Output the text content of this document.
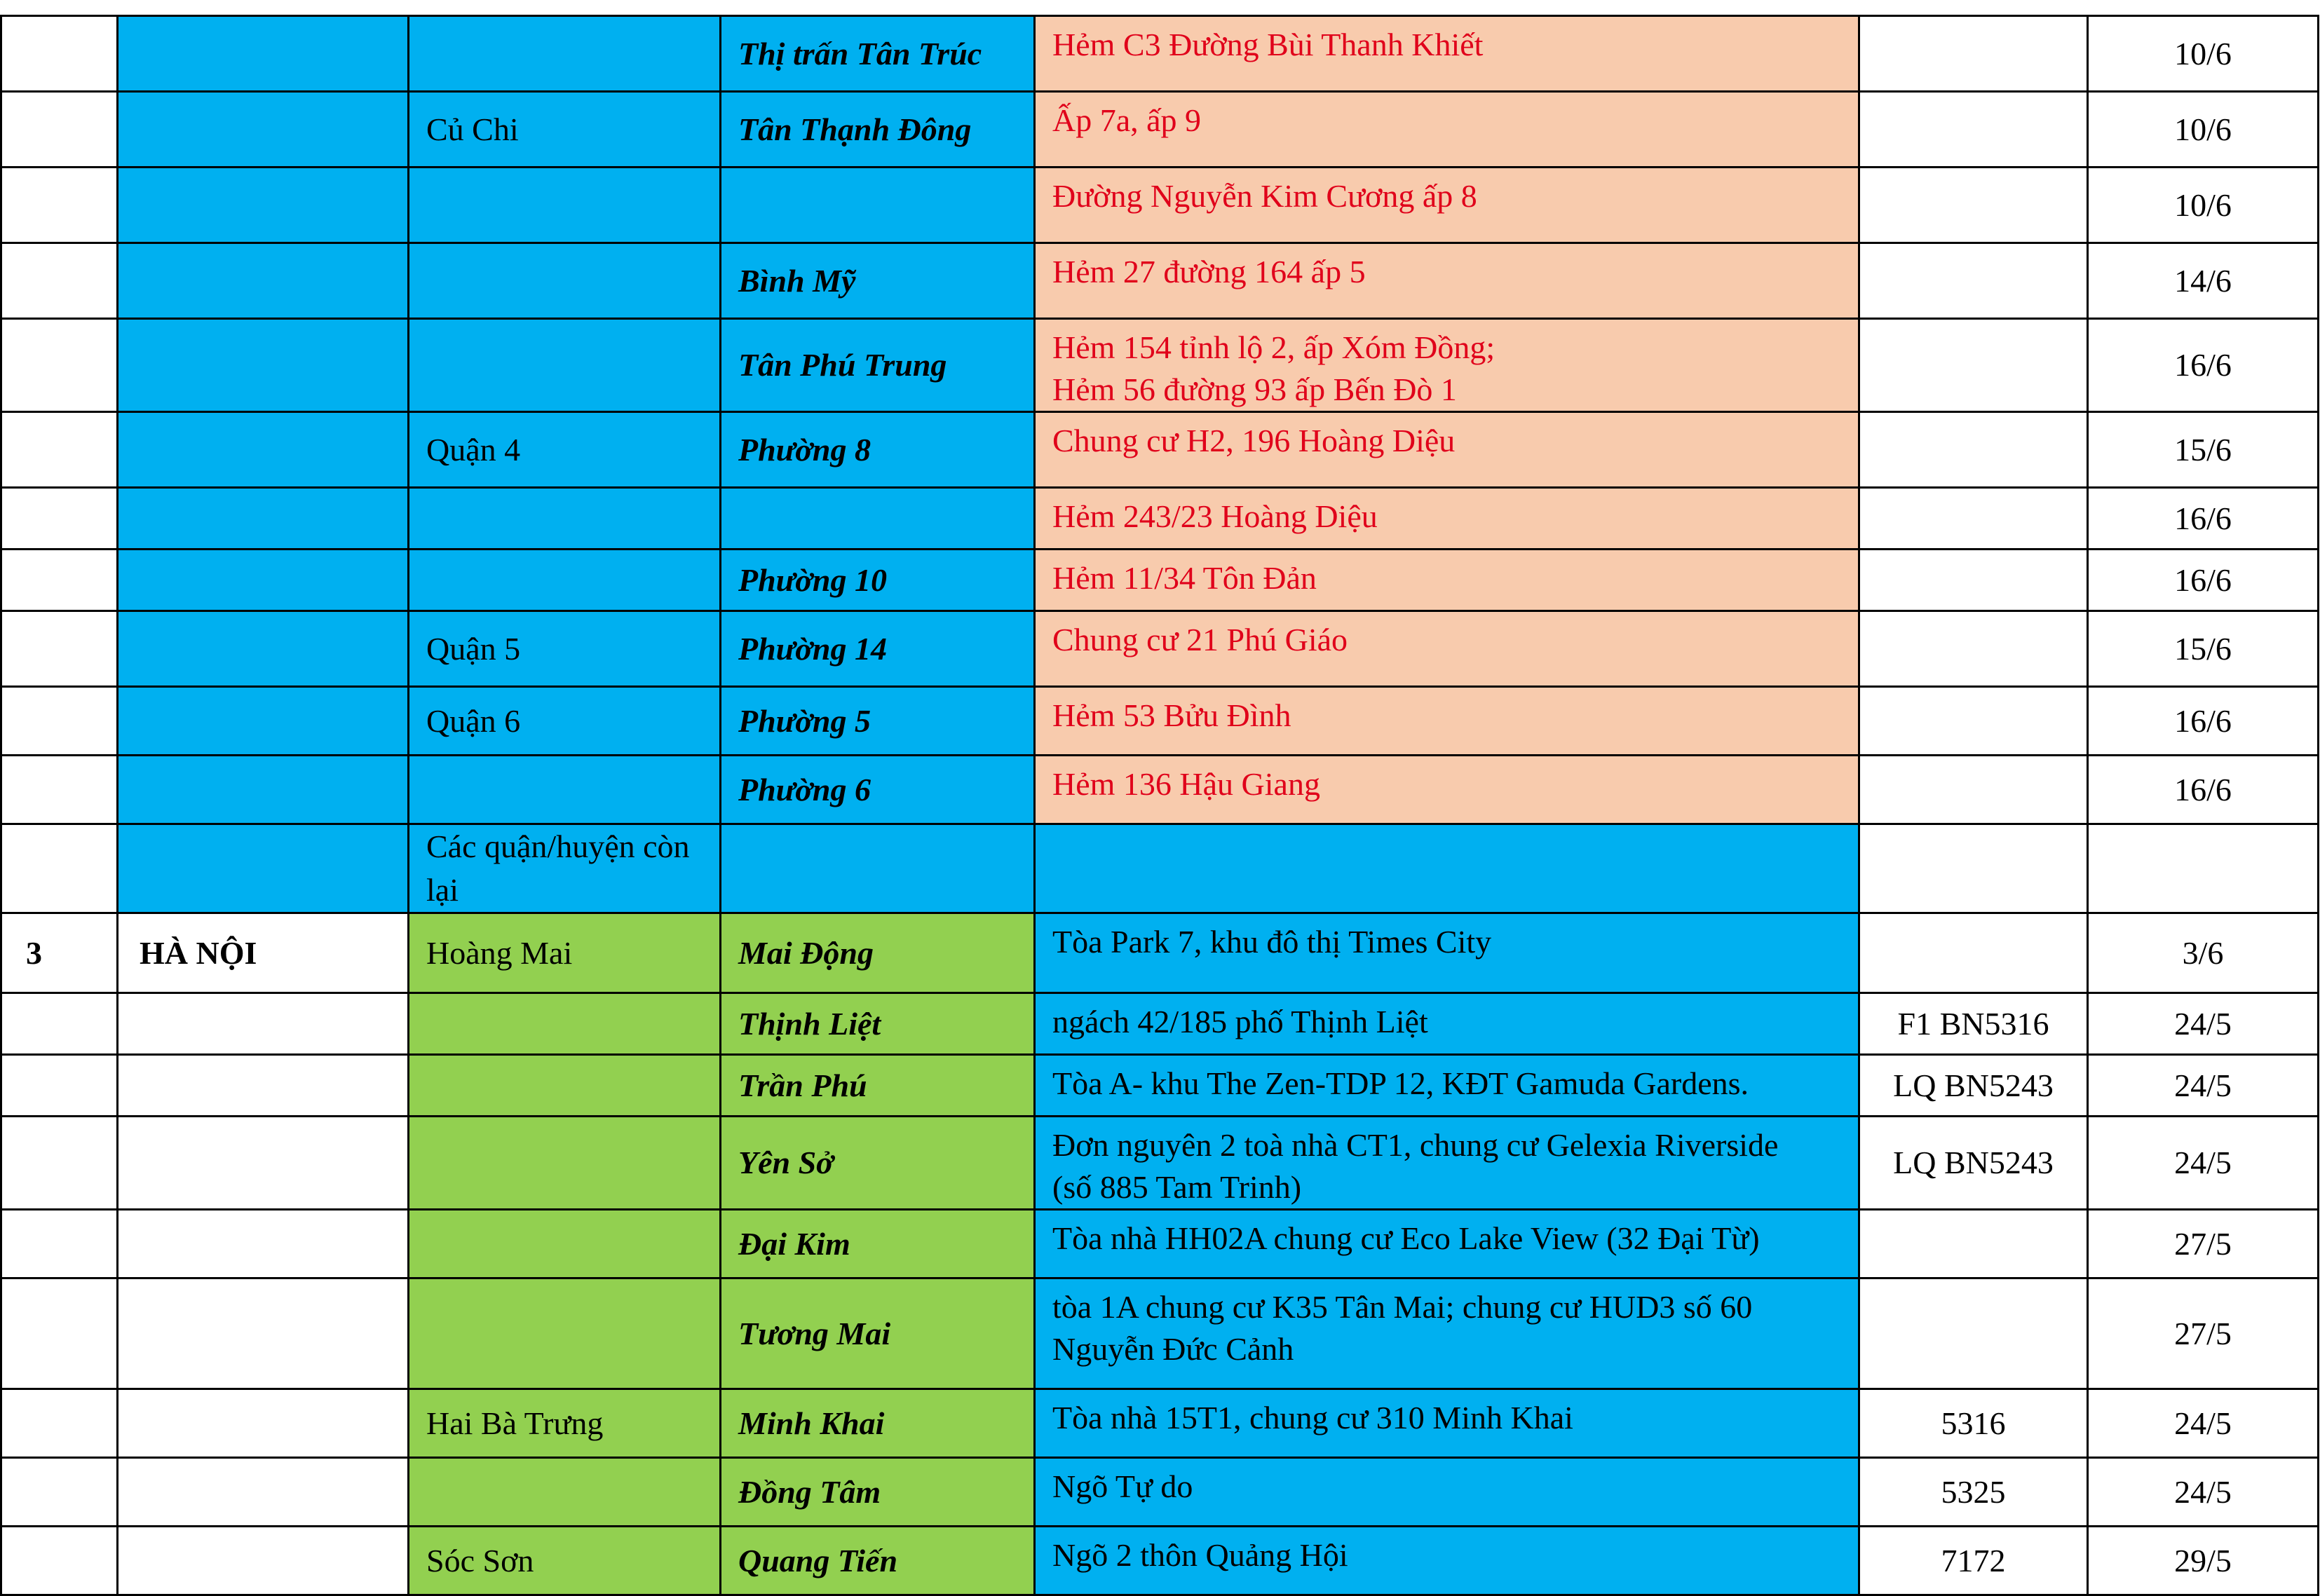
			Thị trấn Tân Trúc	Hẻm C3 Đường Bùi Thanh Khiết		10/6
		Củ Chi	Tân Thạnh Đông	Ấp 7a, ấp 9		10/6

				Đường Nguyễn Kim Cương ấp 8		10/6
			Bình Mỹ	Hẻm 27 đường 164 ấp 5		14/6
			Tân Phú Trung	Hẻm 154 tỉnh lộ 2, ấp Xóm Đồng;
Hẻm 56 đường 93 ấp Bến Đò 1		16/6
		Quận 4	Phường 8	Chung cư H2, 196 Hoàng Diệu		15/6

				Hẻm 243/23 Hoàng Diệu		16/6
			Phường 10	Hẻm 11/34 Tôn Đản		16/6
		Quận 5	Phường 14	Chung cư 21 Phú Giáo		15/6
		Quận 6	Phường 5	Hẻm 53 Bửu Đình		16/6
			Phường 6	Hẻm 136 Hậu Giang		16/6
		Các quận/huyện còn lại		

3	HÀ NỘI	Hoàng Mai	Mai Động	Tòa Park 7, khu đô thị Times City		3/6
			Thịnh Liệt	ngách 42/185 phố Thịnh Liệt	F1 BN5316	24/5
			Trần Phú	Tòa A- khu The Zen-TDP 12, KĐT Gamuda Gardens.	LQ BN5243	24/5
			Yên Sở	Đơn nguyên 2 toà nhà CT1, chung cư Gelexia Riverside
(số 885 Tam Trinh)	LQ BN5243	24/5
			Đại Kim	Tòa nhà HH02A chung cư Eco Lake View (32 Đại Từ)		27/5
			Tương Mai	tòa 1A chung cư K35 Tân Mai; chung cư HUD3 số 60
Nguyễn Đức Cảnh		27/5
		Hai Bà Trưng	Minh Khai	Tòa nhà 15T1, chung cư 310 Minh Khai	5316	24/5
			Đồng Tâm	Ngõ Tự do	5325	24/5
		Sóc Sơn	Quang Tiến	Ngõ 2 thôn Quảng Hội	7172	29/5
